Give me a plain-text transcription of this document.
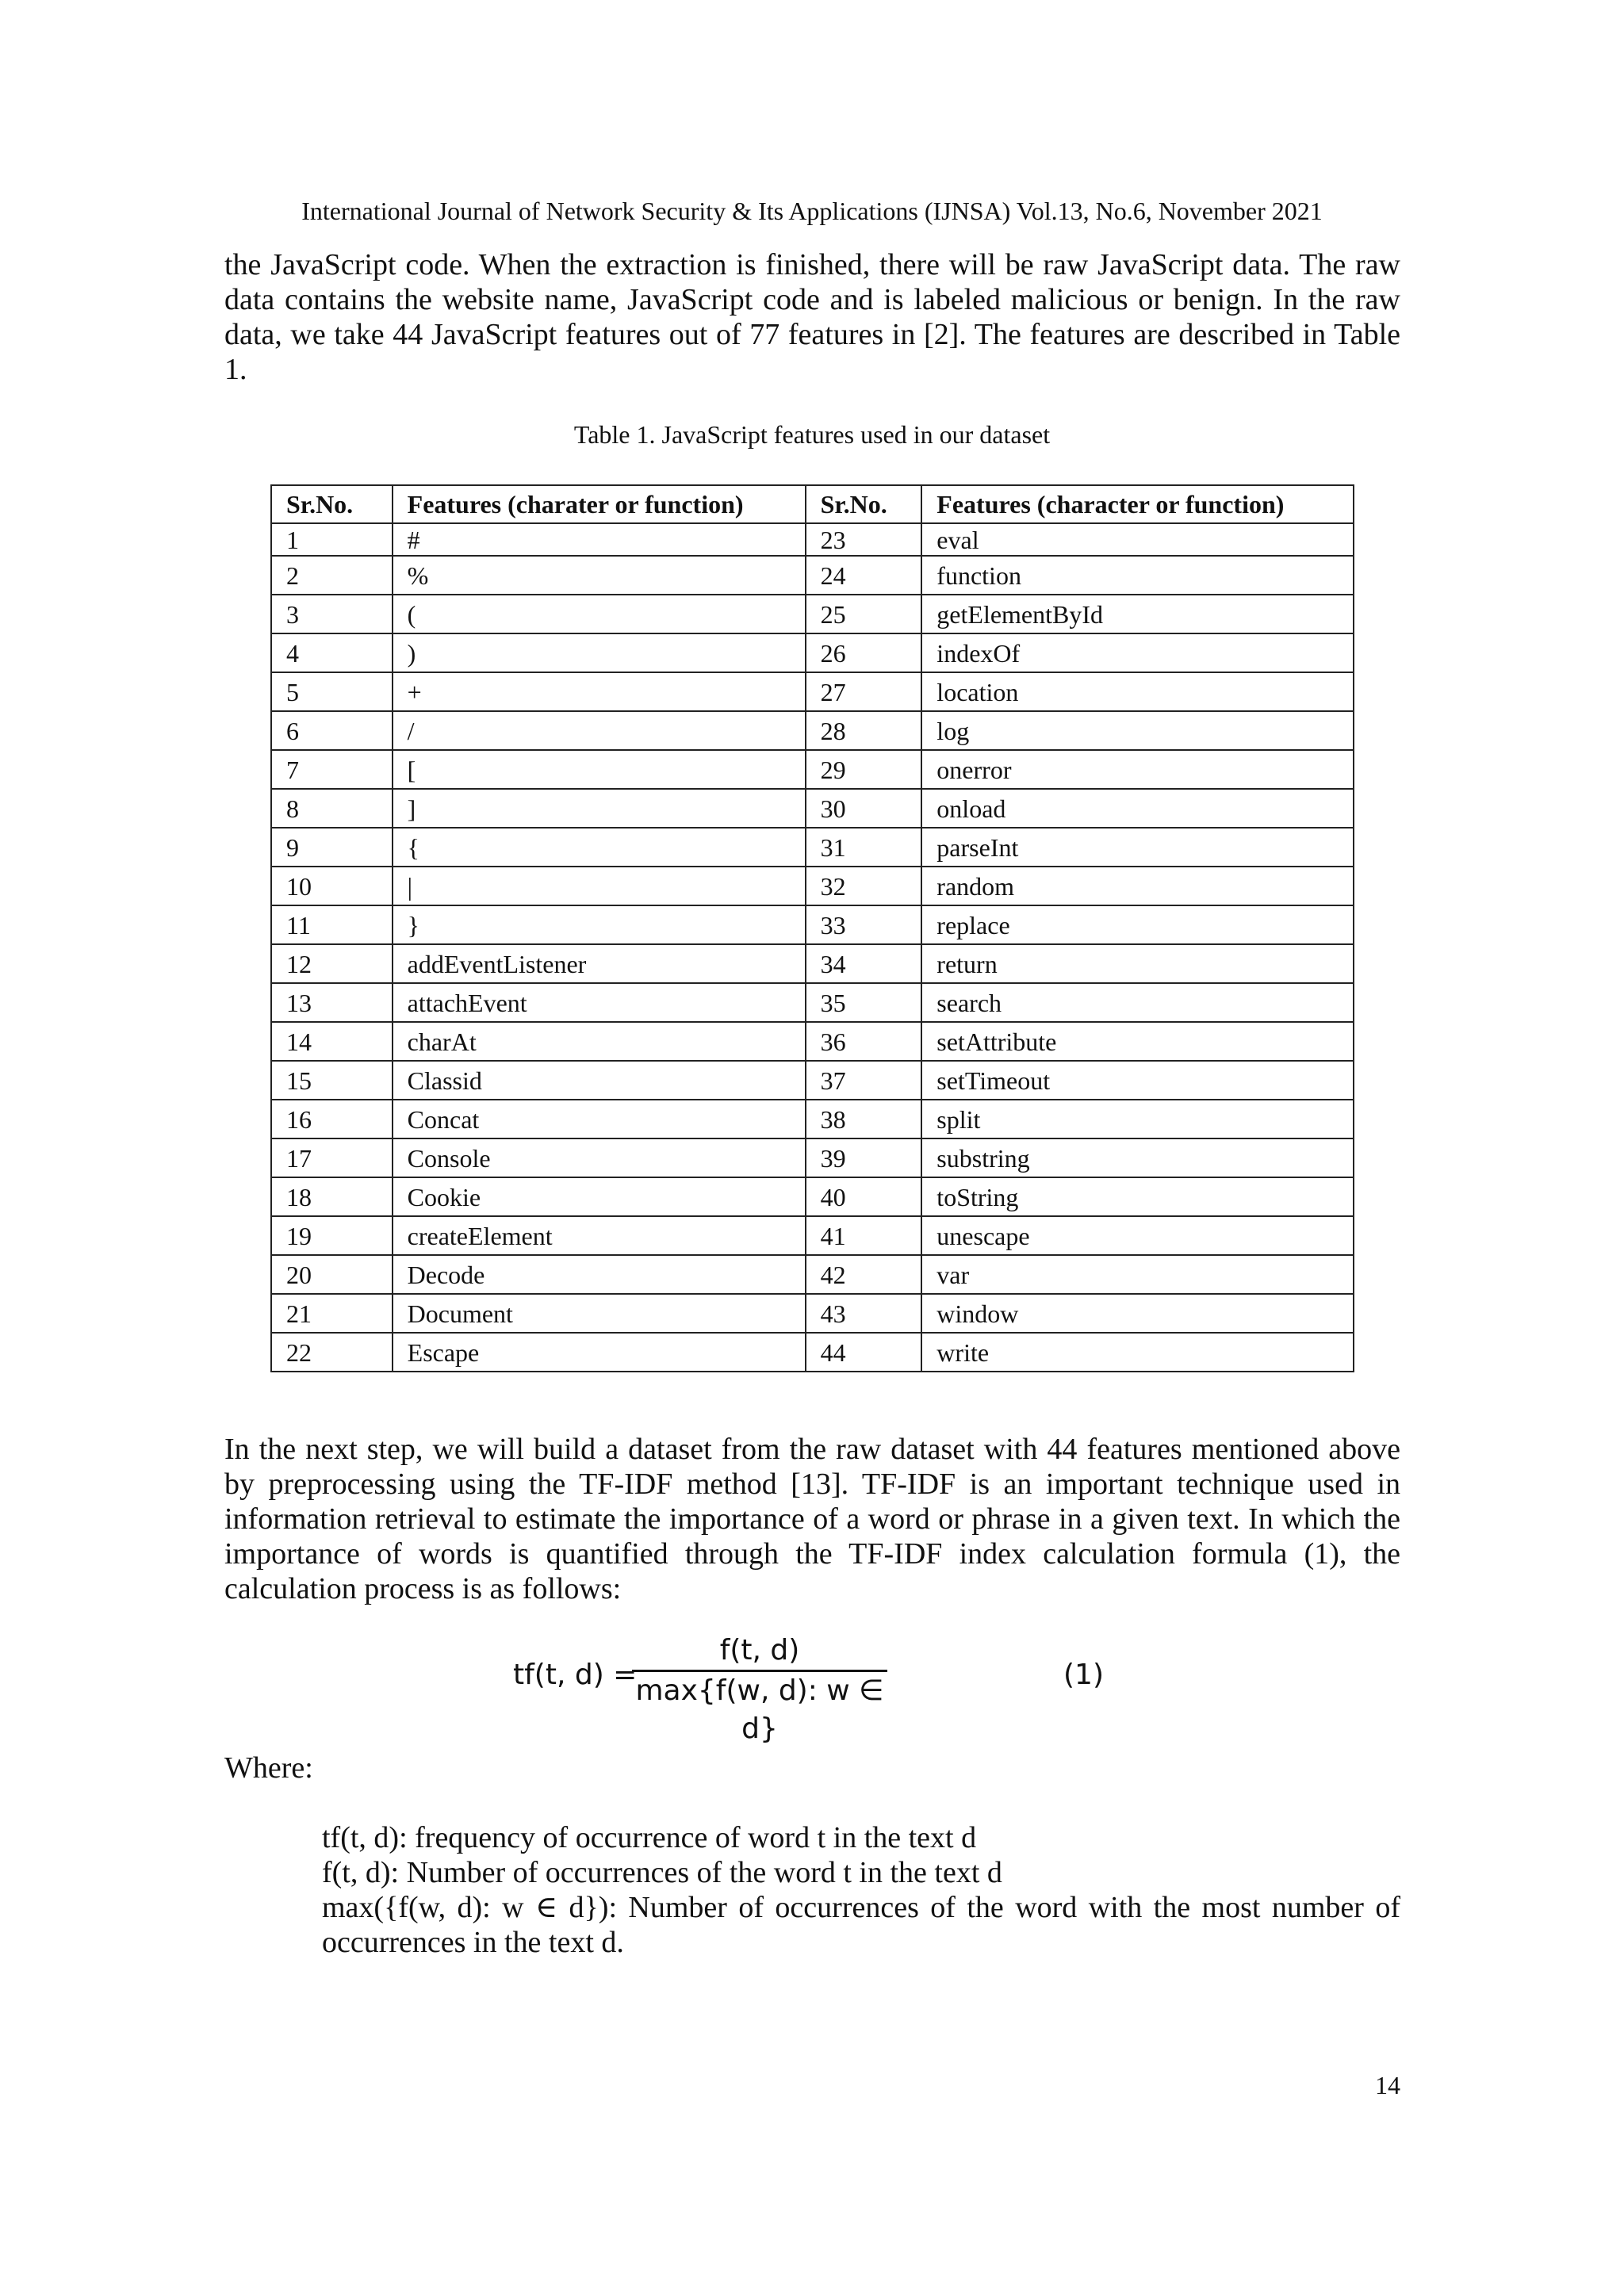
International Journal of Network Security & Its Applications (IJNSA) Vol.13, No.6, November 2021

the JavaScript code. When the extraction is finished, there will be raw JavaScript data. The raw data contains the website name, JavaScript code and is labeled malicious or benign. In the raw data, we take 44 JavaScript features out of 77 features in [2]. The features are described in Table 1.

Table 1. JavaScript features used in our dataset
Sr.No.	Features (charater or function)	Sr.No.	Features (character or function)
1	#	23	eval
2	%	24	function
3	(	25	getElementById
4	)	26	indexOf
5	+	27	location
6	/	28	log
7	[	29	onerror
8	]	30	onload
9	{	31	parseInt
10	|	32	random
11	}	33	replace
12	addEventListener	34	return
13	attachEvent	35	search
14	charAt	36	setAttribute
15	Classid	37	setTimeout
16	Concat	38	split
17	Console	39	substring
18	Cookie	40	toString
19	createElement	41	unescape
20	Decode	42	var
21	Document	43	window
22	Escape	44	write

In the next step, we will build a dataset from the raw dataset with 44 features mentioned above by preprocessing using the TF-IDF method [13]. TF-IDF is an important technique used in information retrieval to estimate the importance of a word or phrase in a given text. In which the importance of words is quantified through the TF-IDF index calculation formula (1), the calculation process is as follows:

tf(t, d) =
f(t, d)
max{f(w, d): w ∈ d}
(1)
Where:
tf(t, d): frequency of occurrence of word t in the text d
f(t, d): Number of occurrences of the word t in the text d
max({f(w, d): w ∈ d}): Number of occurrences of the word with the most number of occurrences in the text d.
14
